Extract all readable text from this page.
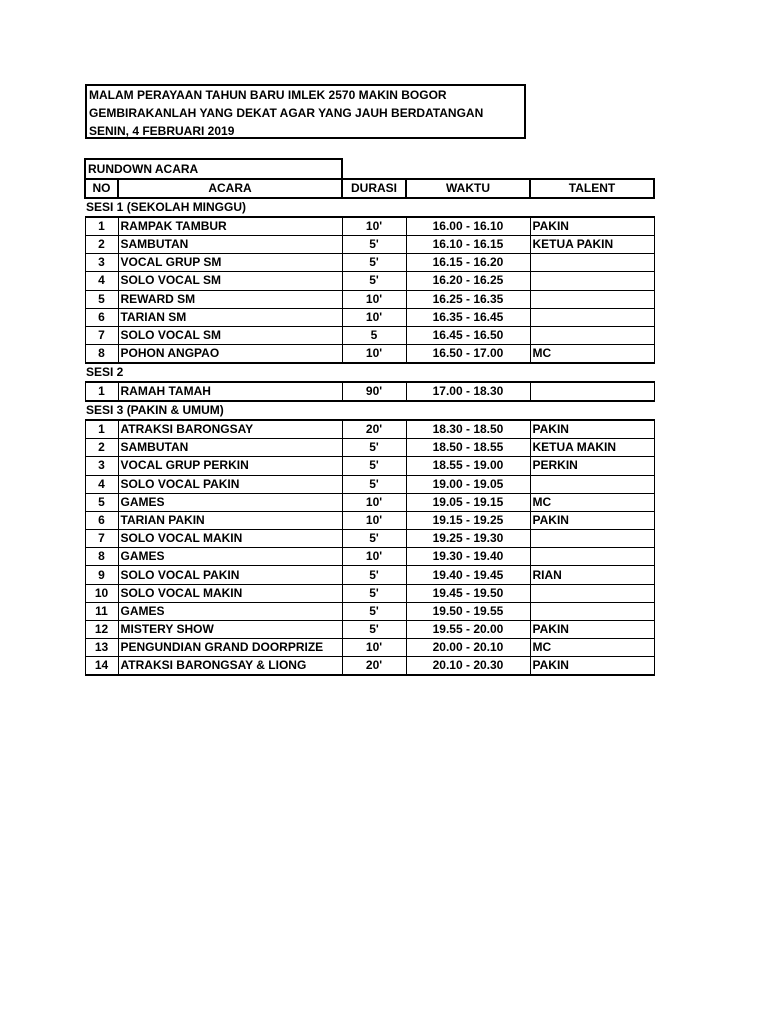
MALAM PERAYAAN TAHUN BARU IMLEK 2570 MAKIN BOGOR
GEMBIRAKANLAH YANG DEKAT AGAR YANG JAUH BERDATANGAN
SENIN, 4 FEBRUARI 2019
RUNDOWN ACARA
NO	ACARA	DURASI	WAKTU	TALENT
SESI 1 (SEKOLAH MINGGU)				
1	RAMPAK TAMBUR	10'	16.00 - 16.10	PAKIN
2	SAMBUTAN	5'	16.10 - 16.15	KETUA PAKIN
3	VOCAL GRUP SM	5'	16.15 - 16.20	
4	SOLO VOCAL SM	5'	16.20 - 16.25	
5	REWARD SM	10'	16.25 - 16.35	
6	TARIAN SM	10'	16.35 - 16.45	
7	SOLO VOCAL SM	5	16.45 - 16.50	
8	POHON ANGPAO	10'	16.50 - 17.00	MC
SESI 2				
1	RAMAH TAMAH	90'	17.00 - 18.30	
SESI 3 (PAKIN & UMUM)				
1	ATRAKSI BARONGSAY	20'	18.30 - 18.50	PAKIN
2	SAMBUTAN	5'	18.50 - 18.55	KETUA MAKIN
3	VOCAL GRUP PERKIN	5'	18.55 - 19.00	PERKIN
4	SOLO VOCAL PAKIN	5'	19.00 - 19.05	
5	GAMES	10'	19.05 - 19.15	MC
6	TARIAN PAKIN	10'	19.15 - 19.25	PAKIN
7	SOLO VOCAL MAKIN	5'	19.25 - 19.30	
8	GAMES	10'	19.30 - 19.40	
9	SOLO VOCAL PAKIN	5'	19.40 - 19.45	RIAN
10	SOLO VOCAL MAKIN	5'	19.45 - 19.50	
11	GAMES	5'	19.50 - 19.55	
12	MISTERY SHOW	5'	19.55 - 20.00	PAKIN
13	PENGUNDIAN GRAND DOORPRIZE	10'	20.00 - 20.10	MC
14	ATRAKSI BARONGSAY & LIONG	20'	20.10 - 20.30	PAKIN
